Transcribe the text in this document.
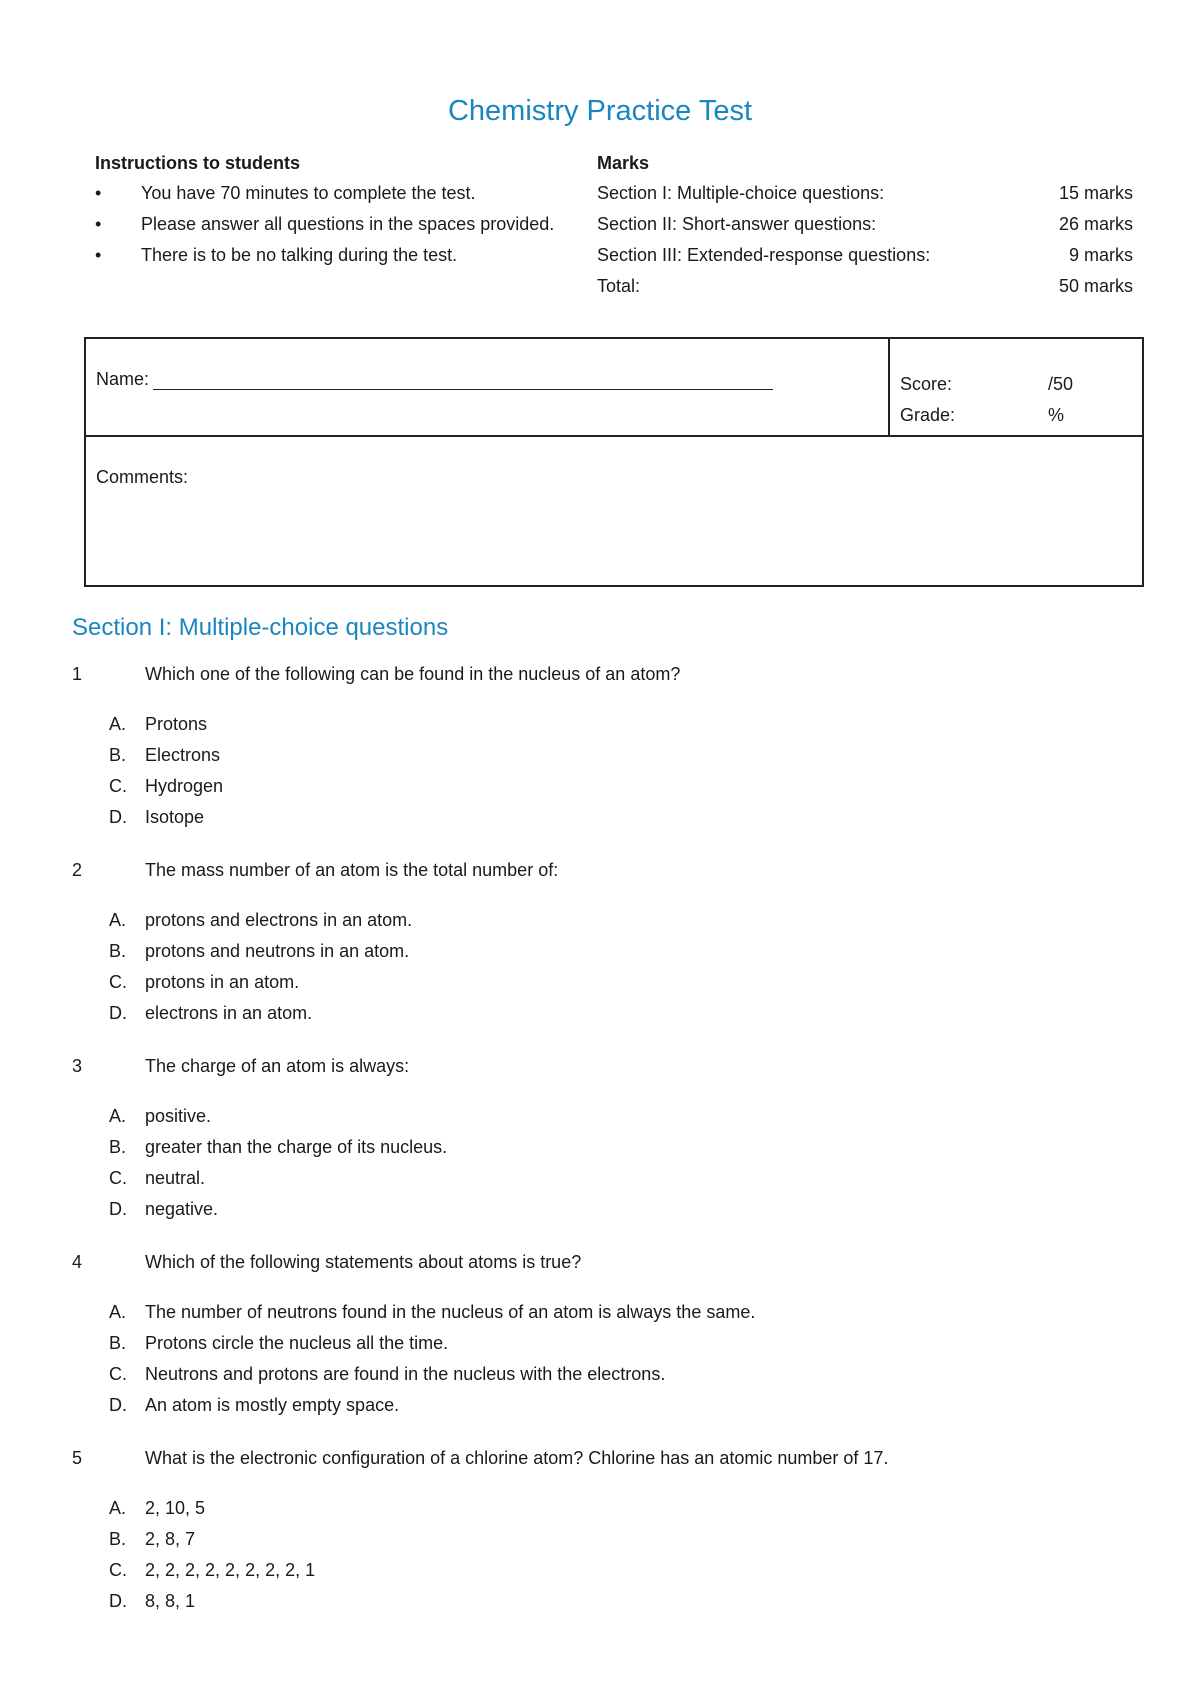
Chemistry Practice Test
Instructions to students
• You have 70 minutes to complete the test.
• Please answer all questions in the spaces provided.
• There is to be no talking during the test.
Marks
Section I: Multiple-choice questions:	15 marks
Section II: Short-answer questions:	26 marks
Section III: Extended-response questions:	9 marks
Total:	50 marks
Name:	Score:	/50
Grade:	%
Comments:
Section I: Multiple-choice questions
1	Which one of the following can be found in the nucleus of an atom?
A.	Protons
B.	Electrons
C.	Hydrogen
D.	Isotope
2	The mass number of an atom is the total number of:
A.	protons and electrons in an atom.
B.	protons and neutrons in an atom.
C.	protons in an atom.
D.	electrons in an atom.
3	The charge of an atom is always:
A.	positive.
B.	greater than the charge of its nucleus.
C.	neutral.
D.	negative.
4	Which of the following statements about atoms is true?
A.	The number of neutrons found in the nucleus of an atom is always the same.
B.	Protons circle the nucleus all the time.
C.	Neutrons and protons are found in the nucleus with the electrons.
D.	An atom is mostly empty space.
5	What is the electronic configuration of a chlorine atom? Chlorine has an atomic number of 17.
A.	2, 10, 5
B.	2, 8, 7
C.	2, 2, 2, 2, 2, 2, 2, 2, 1
D.	8, 8, 1
